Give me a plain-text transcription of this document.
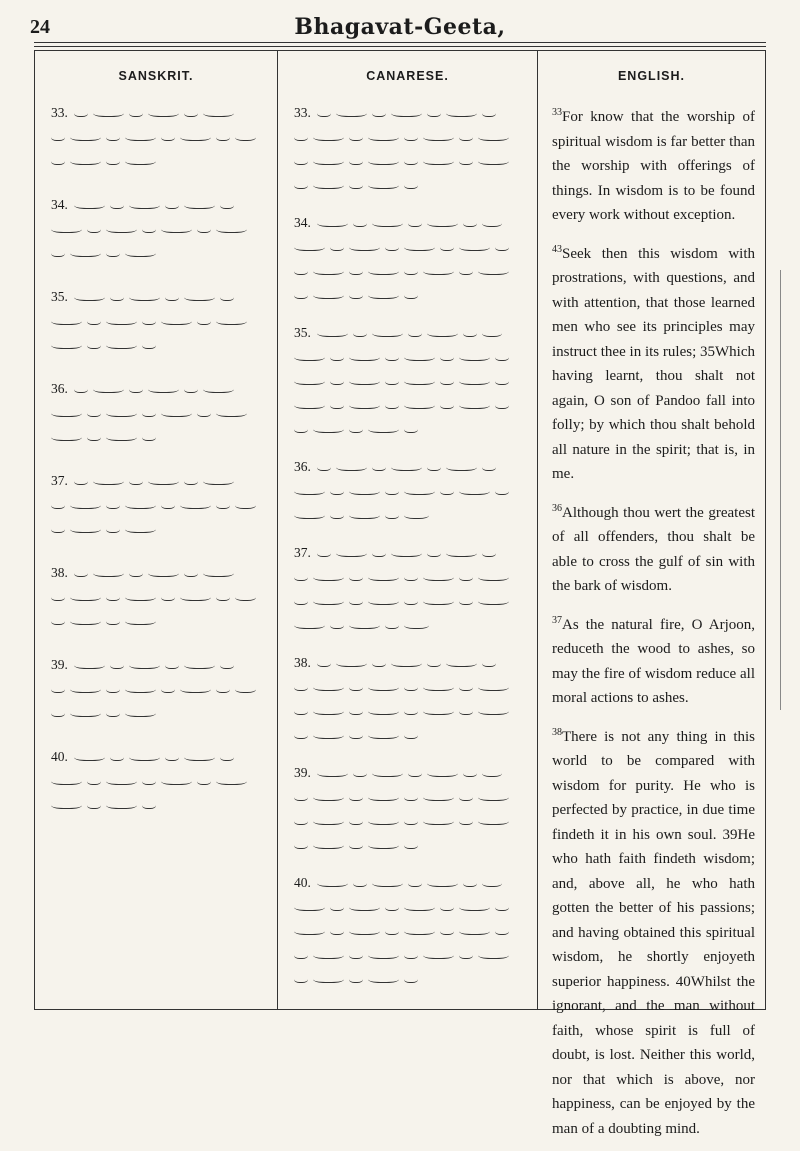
24	Bhagavat-Geeta,
SANSKRIT.
33.
34.
35.
36.
37.
38.
39.
40.
CANARESE.
33.
34.
35.
36.
37.
38.
39.
40.
ENGLISH.

$^{33}$For know that the worship of spiritual wisdom is far better than the worship with offerings of things. In wisdom is to be found every work without exception.

$^{43}$Seek then this wisdom with prostrations, with questions, and with attention, that those learned men who see its principles may instruct thee in its rules; 35Which having learnt, thou shalt not again, O son of Pandoo fall into folly; by which thou shalt behold all nature in the spirit; that is, in me.

$^{36}$Although thou wert the greatest of all offenders, thou shalt be able to cross the gulf of sin with the bark of wisdom.

$^{37}$As the natural fire, O Arjoon, reduceth the wood to ashes, so may the fire of wisdom reduce all moral actions to ashes.

$^{38}$There is not any thing in this world to be compared with wisdom for purity. He who is perfected by practice, in due time findeth it in his own soul. 39He who hath faith findeth wisdom; and, above all, he who hath gotten the better of his passions; and having obtained this spiritual wisdom, he shortly enjoyeth superior happiness. 40Whilst the ignorant, and the man without faith, whose spirit is full of doubt, is lost. Neither this world, nor that which is above, nor happiness, can be enjoyed by the man of a doubting mind.
